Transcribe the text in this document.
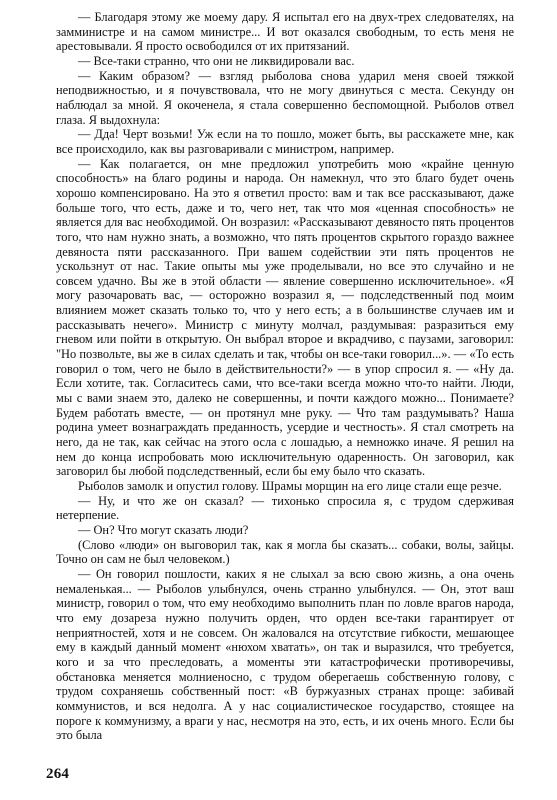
— Благодаря этому же моему дару. Я испытал его на двух-трех следователях, на замминистре и на самом министре... И вот оказался свободным, то есть меня не арестовывали. Я просто освободился от их притязаний.

— Все-таки странно, что они не ликвидировали вас.

— Каким образом? — взгляд рыболова снова ударил меня своей тяжкой неподвижностью, и я почувствовала, что не могу двинуться с места. Секунду он наблюдал за мной. Я окоченела, я стала совершенно беспомощной. Рыболов отвел глаза. Я выдохнула:

— Дда! Черт возьми! Уж если на то пошло, может быть, вы расскажете мне, как все происходило, как вы разговаривали с министром, например.

— Как полагается, он мне предложил употребить мою «крайне ценную способность» на благо родины и народа. Он намекнул, что это благо будет очень хорошо компенсировано. На это я ответил просто: вам и так все рассказывают, даже больше того, что есть, даже и то, чего нет, так что моя «ценная способность» не является для вас необходимой. Он возразил: «Рассказывают девяносто пять процентов того, что нам нужно знать, а возможно, что пять процентов скрытого гораздо важнее девяноста пяти рассказанного. При вашем содействии эти пять процентов не ускользнут от нас. Такие опыты мы уже проделывали, но все это случайно и не совсем удачно. Вы же в этой области — явление совершенно исключительное». «Я могу разочаровать вас, — осторожно возразил я, — подследственный под моим влиянием может сказать только то, что у него есть; а в большинстве случаев им и рассказывать нечего». Министр с минуту молчал, раздумывая: разразиться ему гневом или пойти в открытую. Он выбрал второе и вкрадчиво, с паузами, заговорил: "Но позвольте, вы же в силах сделать и так, чтобы он все-таки говорил...». — «То есть говорил о том, чего не было в действительности?» — в упор спросил я. — «Ну да. Если хотите, так. Согласитесь сами, что все-таки всегда можно что-то найти. Люди, мы с вами знаем это, далеко не совершенны, и почти каждого можно... Понимаете? Будем работать вместе, — он протянул мне руку. — Что там раздумывать? Наша родина умеет вознаграждать преданность, усердие и честность». Я стал смотреть на него, да не так, как сейчас на этого осла с лошадью, а немножко иначе. Я решил на нем до конца испробовать мою исключительную одаренность. Он заговорил, как заговорил бы любой подследственный, если бы ему было что сказать.

Рыболов замолк и опустил голову. Шрамы морщин на его лице стали еще резче.

— Ну, и что же он сказал? — тихонько спросила я, с трудом сдерживая нетерпение.

— Он? Что могут сказать люди?

(Слово «люди» он выговорил так, как я могла бы сказать... собаки, волы, зайцы. Точно он сам не был человеком.)

— Он говорил пошлости, каких я не слыхал за всю свою жизнь, а она очень немаленькая... — Рыболов улыбнулся, очень странно улыбнулся. — Он, этот ваш министр, говорил о том, что ему необходимо выполнить план по ловле врагов народа, что ему дозареза нужно получить орден, что орден все-таки гарантирует от неприятностей, хотя и не совсем. Он жаловался на отсутствие гибкости, мешающее ему в каждый данный момент «нюхом хватать», он так и выразился, что требуется, кого и за что преследовать, а моменты эти катастрофически противоречивы, обстановка меняется молниеносно, с трудом оберегаешь собственную голову, с трудом сохраняешь собственный пост: «В буржуазных странах проще: забивай коммунистов, и вся недолга. А у нас социалистическое государство, стоящее на пороге к коммунизму, а враги у нас, несмотря на это, есть, и их очень много. Если бы это была

264
